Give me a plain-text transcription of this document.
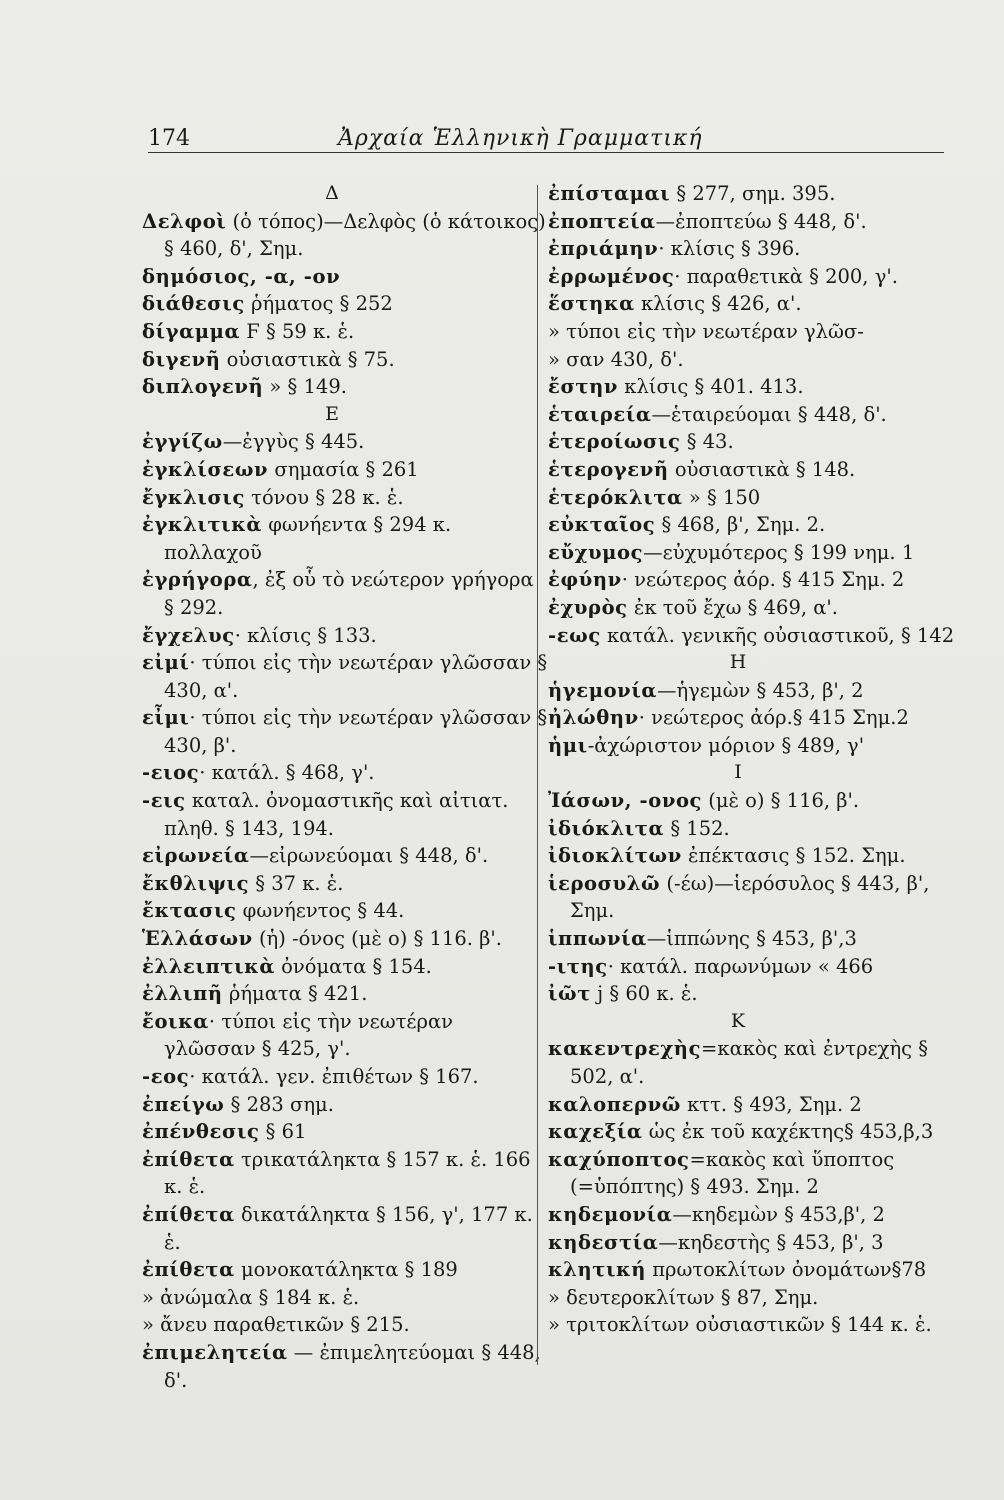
174	Ἀρχαία Ἑλληνικὴ Γραμματική

Δ

Δελφοὶ (ὁ τόπος)—Δελφὸς (ὁ κάτοικος) § 460, δ', Σημ.

δημόσιος, -α, -ον

διάθεσις ῥήματος § 252

δίγαμμα Ϝ § 59 κ. ἑ.

διγενῆ οὐσιαστικὰ § 75.

διπλογενῆ » § 149.

Ε

ἐγγίζω—ἐγγὺς § 445.

ἐγκλίσεων σημασία § 261

ἔγκλισις τόνου § 28 κ. ἑ.

ἐγκλιτικὰ φωνήεντα § 294 κ. πολλαχοῦ

ἐγρήγορα, ἐξ οὗ τὸ νεώτερον γρήγορα § 292.

ἔγχελυς· κλίσις § 133.

εἰμί· τύποι εἰς τὴν νεωτέραν γλῶσσαν § 430, α'.

εἶμι· τύποι εἰς τὴν νεωτέραν γλῶσσαν § 430, β'.

-ειος· κατάλ. § 468, γ'.

-εις καταλ. ὀνομαστικῆς καὶ αἰτιατ. πληθ. § 143, 194.

εἰρωνεία—εἰρωνεύομαι § 448, δ'.

ἔκθλιψις § 37 κ. ἑ.

ἔκτασις φωνήεντος § 44.

Ἑλλάσων (ἡ) -όνος (μὲ ο) § 116. β'.

ἐλλειπτικὰ ὀνόματα § 154.

ἐλλιπῆ ῥήματα § 421.

ἔοικα· τύποι εἰς τὴν νεωτέραν γλῶσσαν § 425, γ'.

-εος· κατάλ. γεν. ἐπιθέτων § 167.

ἐπείγω § 283 σημ.

ἐπένθεσις § 61

ἐπίθετα τρικατάληκτα § 157 κ. ἑ. 166 κ. ἑ.

ἐπίθετα δικατάληκτα § 156, γ', 177 κ. ἑ.

ἐπίθετα μονοκατάληκτα § 189

» ἀνώμαλα § 184 κ. ἑ.

» ἄνευ παραθετικῶν § 215.

ἐπιμελητεία — ἐπιμελητεύομαι § 448, δ'.

ἐπίσταμαι § 277, σημ. 395.

ἐποπτεία—ἐποπτεύω § 448, δ'.

ἐπριάμην· κλίσις § 396.

ἐρρωμένος· παραθετικὰ § 200, γ'.

ἕστηκα κλίσις § 426, α'.

» τύποι εἰς τὴν νεωτέραν γλῶσ-

» σαν 430, δ'.

ἔστην κλίσις § 401. 413.

ἑταιρεία—ἑταιρεύομαι § 448, δ'.

ἑτεροίωσις § 43.

ἑτερογενῆ οὐσιαστικὰ § 148.

ἑτερόκλιτα » § 150

εὐκταῖος § 468, β', Σημ. 2.

εὔχυμος—εὐχυμότερος § 199 νημ. 1

ἐφύην· νεώτερος ἀόρ. § 415 Σημ. 2

ἐχυρὸς ἐκ τοῦ ἔχω § 469, α'.

-εως κατάλ. γενικῆς οὐσιαστικοῦ, § 142

Η

ἡγεμονία—ἡγεμὼν § 453, β', 2

ἠλώθην· νεώτερος ἀόρ.§ 415 Σημ.2

ἡμι-ἀχώριστον μόριον § 489, γ'

Ι

Ἰάσων, -ονος (μὲ ο) § 116, β'.

ἰδιόκλιτα § 152.

ἰδιοκλίτων ἐπέκτασις § 152. Σημ.

ἱεροσυλῶ (-έω)—ἱερόσυλος § 443, β', Σημ.

ἱππωνία—ἱππώνης § 453, β',3

-ιτης· κατάλ. παρωνύμων « 466

ἰῶτ j § 60 κ. ἑ.

Κ

κακεντρεχὴς=κακὸς καὶ ἐντρεχὴς § 502, α'.

καλοπερνῶ κττ. § 493, Σημ. 2

καχεξία ὡς ἐκ τοῦ καχέκτης§ 453,β,3

καχύποπτος=κακὸς καὶ ὕποπτος (=ὑπόπτης) § 493. Σημ. 2

κηδεμονία—κηδεμὼν § 453,β', 2

κηδεστία—κηδεστὴς § 453, β', 3

κλητική πρωτοκλίτων ὀνομάτων§78

» δευτεροκλίτων § 87, Σημ.

» τριτοκλίτων οὐσιαστικῶν § 144 κ. ἑ.
